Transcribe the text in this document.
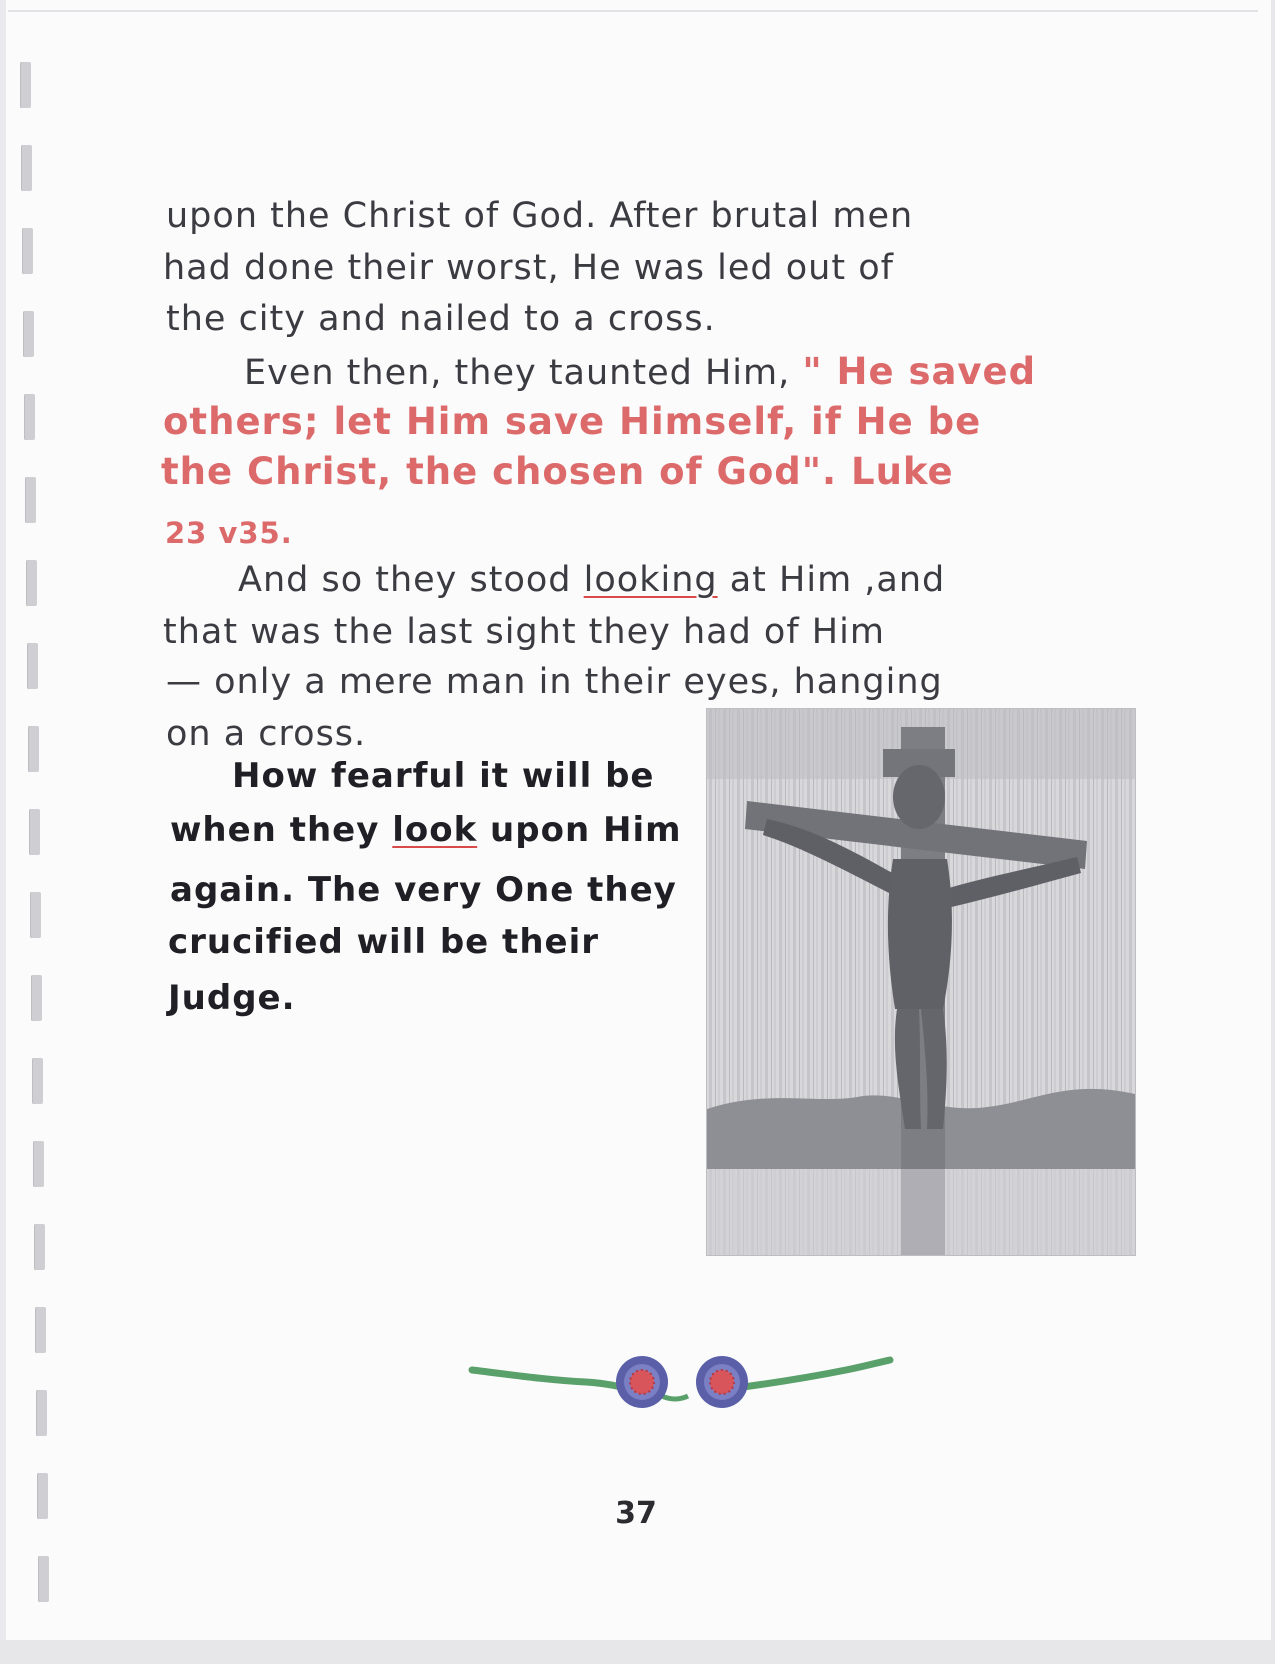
upon the Christ of God. After brutal men
had done their worst, He was led out of
the city and nailed to a cross.
Even then, they taunted Him, " He saved
others; let Him save Himself, if He be
the Christ, the chosen of God". Luke
23 v35.
And so they stood looking at Him ,and
that was the last sight they had of Him
— only a mere man in their eyes, hanging
on a cross.
How fearful it will be
when they look upon Him
again. The very One they
crucified will be their
Judge.
37
